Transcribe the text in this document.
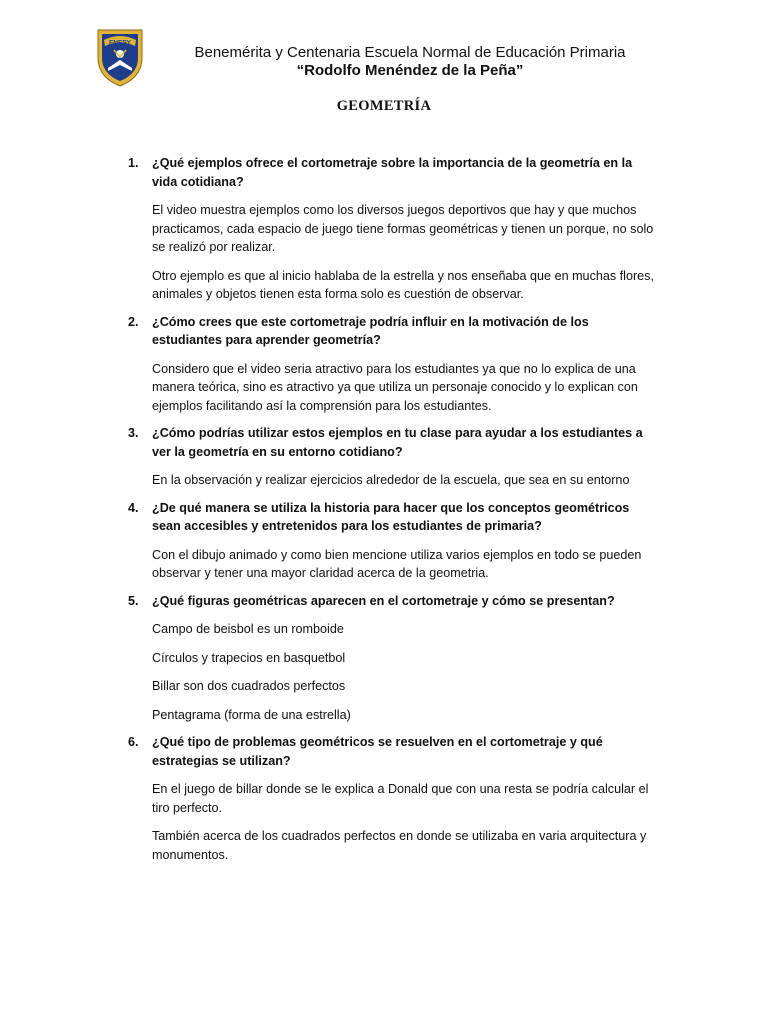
ENEPY
Benemérita y Centenaria Escuela Normal de Educación Primaria
“Rodolfo Menéndez de la Peña”
GEOMETRÍA
1.	¿Qué ejemplos ofrece el cortometraje sobre la importancia de la geometría en la vida cotidiana?
El video muestra ejemplos como los diversos juegos deportivos que hay y que muchos practicamos, cada espacio de juego tiene formas geométricas y tienen un porque, no solo se realizó por realizar.
Otro ejemplo es que al inicio hablaba de la estrella y nos enseñaba que en muchas flores, animales y objetos tienen esta forma solo es cuestión de observar.
2.	¿Cómo crees que este cortometraje podría influir en la motivación de los estudiantes para aprender geometría?
Considero que el video seria atractivo para los estudiantes ya que no lo explica de una manera teórica, sino es atractivo ya que utiliza un personaje conocido y lo explican con ejemplos facilitando así la comprensión para los estudiantes.
3.	¿Cómo podrías utilizar estos ejemplos en tu clase para ayudar a los estudiantes a ver la geometría en su entorno cotidiano?
En la observación y realizar ejercicios alrededor de la escuela, que sea en su entorno
4.	¿De qué manera se utiliza la historia para hacer que los conceptos geométricos sean accesibles y entretenidos para los estudiantes de primaria?
Con el dibujo animado y como bien mencione utiliza varios ejemplos en todo se pueden observar y tener una mayor claridad acerca de la geometria.
5.	¿Qué figuras geométricas aparecen en el cortometraje y cómo se presentan?
Campo de beisbol es un romboide
Círculos y trapecios en basquetbol
Billar son dos cuadrados perfectos
Pentagrama (forma de una estrella)
6.	¿Qué tipo de problemas geométricos se resuelven en el cortometraje y qué estrategias se utilizan?
En el juego de billar donde se le explica a Donald que con una resta se podría calcular el tiro perfecto.
También acerca de los cuadrados perfectos en donde se utilizaba en varia arquitectura y monumentos.
